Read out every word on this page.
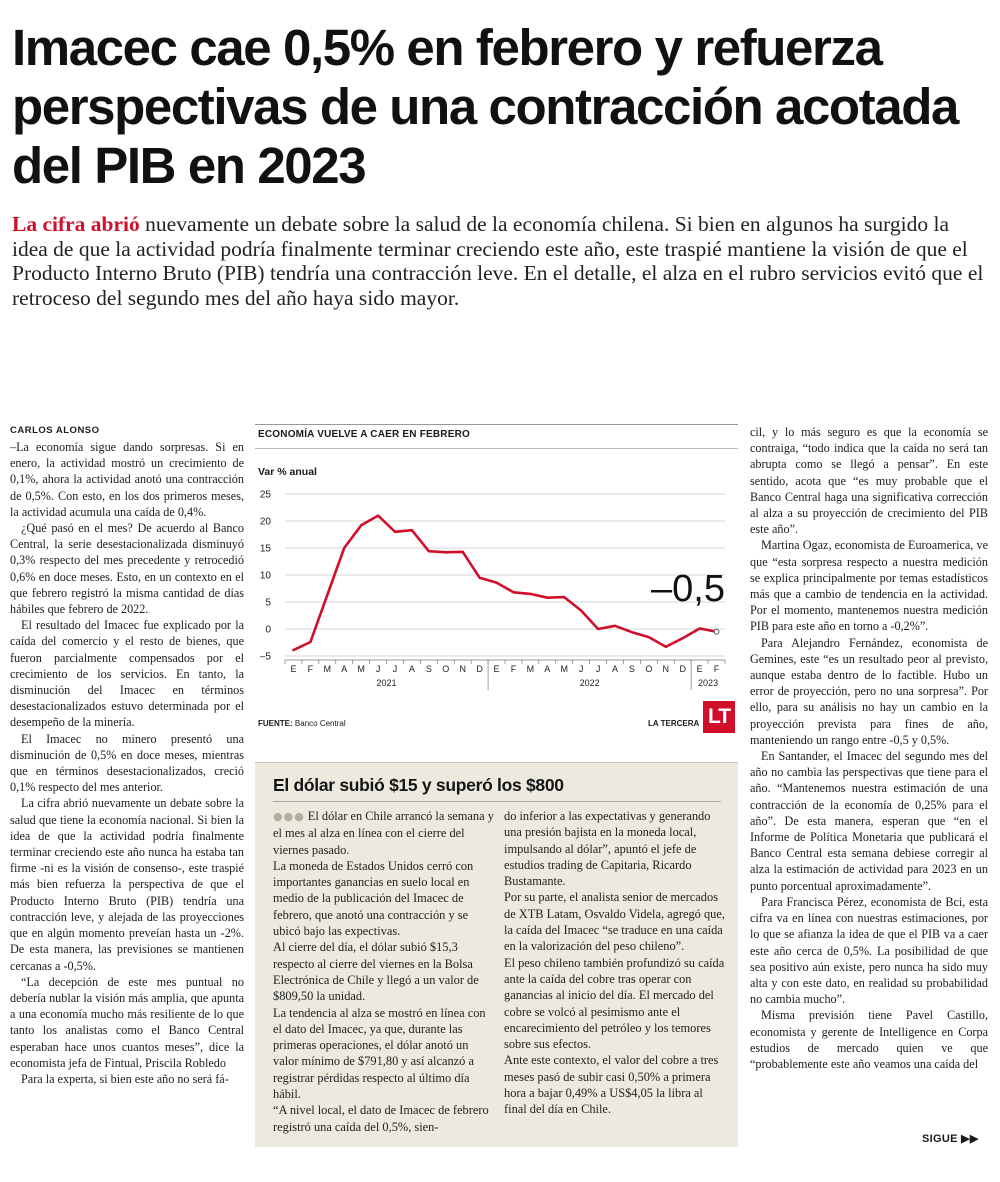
Imacec cae 0,5% en febrero y refuerza perspectivas de una contracción acotada del PIB en 2023

La cifra abrió nuevamente un debate sobre la salud de la economía chilena. Si bien en algunos ha surgido la idea de que la actividad podría finalmente terminar creciendo este año, este traspié mantiene la visión de que el Producto Interno Bruto (PIB) tendría una contracción leve. En el detalle, el alza en el rubro servicios evitó que el retroceso del segundo mes del año haya sido mayor.

CARLOS ALONSO

–La economía sigue dando sorpresas. Si en enero, la actividad mostró un crecimiento de 0,1%, ahora la actividad anotó una contracción de 0,5%. Con esto, en los dos primeros meses, la actividad acumula una caída de 0,4%.

¿Qué pasó en el mes? De acuerdo al Banco Central, la serie desestacionalizada disminuyó 0,3% respecto del mes precedente y retrocedió 0,6% en doce meses. Esto, en un contexto en el que febrero registró la misma cantidad de días hábiles que febrero de 2022.

El resultado del Imacec fue explicado por la caída del comercio y el resto de bienes, que fueron parcialmente compensados por el crecimiento de los servicios. En tanto, la disminución del Imacec en términos desestacionalizados estuvo determinada por el desempeño de la minería.

El Imacec no minero presentó una disminución de 0,5% en doce meses, mientras que en términos desestacionalizados, creció 0,1% respecto del mes anterior.

La cifra abrió nuevamente un debate sobre la salud que tiene la economía nacional. Si bien la idea de que la actividad podría finalmente terminar creciendo este año nunca ha estaba tan firme -ni es la visión de consenso-, este traspié más bien refuerza la perspectiva de que el Producto Interno Bruto (PIB) tendría una contracción leve, y alejada de las proyecciones que en algún momento preveían hasta un -2%. De esta manera, las previsiones se mantienen cercanas a -0,5%.

“La decepción de este mes puntual no debería nublar la visión más amplia, que apunta a una economía mucho más resiliente de lo que tanto los analistas como el Banco Central esperaban hace unos cuantos meses”, dice la economista jefa de Fintual, Priscila Robledo

Para la experta, si bien este año no será fá-

ECONOMÍA VUELVE A CAER EN FEBRERO
Var % anual
–5
0
5
10
15
20
25
E F M A M J J A S O N D E F M A M J J A S O N D E F
2021	2022	2023
–0,5
FUENTE: Banco Central	LA TERCERA LT
El dólar subió $15 y superó los $800

●●● El dólar en Chile arrancó la semana y el mes al alza en línea con el cierre del viernes pasado.

La moneda de Estados Unidos cerró con importantes ganancias en suelo local en medio de la publicación del Imacec de febrero, que anotó una contracción y se ubicó bajo las expectivas.

Al cierre del día, el dólar subió $15,3 respecto al cierre del viernes en la Bolsa Electrónica de Chile y llegó a un valor de $809,50 la unidad.

La tendencia al alza se mostró en línea con el dato del Imacec, ya que, durante las primeras operaciones, el dólar anotó un valor mínimo de $791,80 y así alcanzó a registrar pérdidas respecto al último día hábil.

“A nivel local, el dato de Imacec de febrero registró una caída del 0,5%, sien-

do inferior a las expectativas y generando una presión bajista en la moneda local, impulsando al dólar”, apuntó el jefe de estudios trading de Capitaria, Ricardo Bustamante.

Por su parte, el analista senior de mercados de XTB Latam, Osvaldo Videla, agregó que, la caída del Imacec “se traduce en una caída en la valorización del peso chileno”.

El peso chileno también profundizó su caída ante la caída del cobre tras operar con ganancias al inicio del día. El mercado del cobre se volcó al pesimismo ante el encarecimiento del petróleo y los temores sobre sus efectos.

Ante este contexto, el valor del cobre a tres meses pasó de subir casi 0,50% a primera hora a bajar 0,49% a US$4,05 la libra al final del día en Chile.

cil, y lo más seguro es que la economía se contraiga, “todo indica que la caída no será tan abrupta como se llegó a pensar”. En este sentido, acota que “es muy probable que el Banco Central haga una significativa corrección al alza a su proyección de crecimiento del PIB este año”.

Martina Ogaz, economista de Euroamerica, ve que “esta sorpresa respecto a nuestra medición se explica principalmente por temas estadísticos más que a cambio de tendencia en la actividad. Por el momento, mantenemos nuestra medición PIB para este año en torno a -0,2%”.

Para Alejandro Fernández, economista de Gemines, este “es un resultado peor al previsto, aunque estaba dentro de lo factible. Hubo un error de proyección, pero no una sorpresa”. Por ello, para su análisis no hay un cambio en la proyección prevista para fines de año, manteniendo un rango entre -0,5 y 0,5%.

En Santander, el Imacec del segundo mes del año no cambia las perspectivas que tiene para el año. “Mantenemos nuestra estimación de una contracción de la economía de 0,25% para el año”. De esta manera, esperan que “en el Informe de Política Monetaria que publicará el Banco Central esta semana debiese corregir al alza la estimación de actividad para 2023 en un punto porcentual aproximadamente”.

Para Francisca Pérez, economista de Bci, esta cifra va en línea con nuestras estimaciones, por lo que se afianza la idea de que el PIB va a caer este año cerca de 0,5%. La posibilidad de que sea positivo aún existe, pero nunca ha sido muy alta y con este dato, en realidad su probabilidad no cambia mucho”.

Misma previsión tiene Pavel Castillo, economista y gerente de Intelligence en Corpa estudios de mercado quien ve que “probablemente este año veamos una caída del

SIGUE ▶▶
